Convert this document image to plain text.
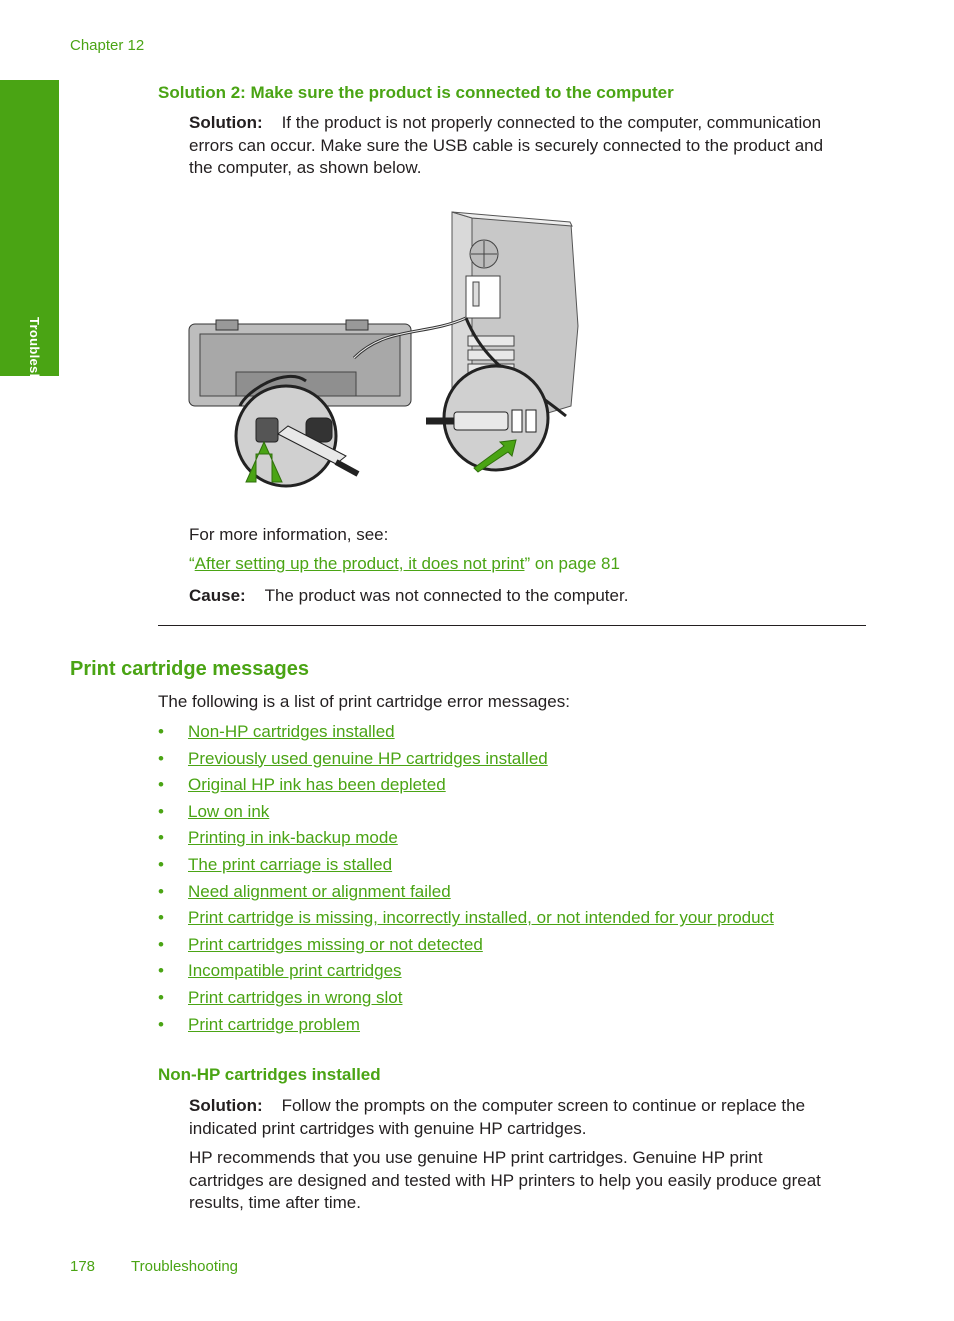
Chapter 12
Troubleshooting
Solution 2: Make sure the product is connected to the computer
Solution: If the product is not properly connected to the computer, communication
errors can occur. Make sure the USB cable is securely connected to the product and
the computer, as shown below.
For more information, see:
“After setting up the product, it does not print” on page 81
Cause: The product was not connected to the computer.
Print cartridge messages
The following is a list of print cartridge error messages:
• Non-HP cartridges installed
• Previously used genuine HP cartridges installed
• Original HP ink has been depleted
• Low on ink
• Printing in ink-backup mode
• The print carriage is stalled
• Need alignment or alignment failed
• Print cartridge is missing, incorrectly installed, or not intended for your product
• Print cartridges missing or not detected
• Incompatible print cartridges
• Print cartridges in wrong slot
• Print cartridge problem
Non-HP cartridges installed
Solution: Follow the prompts on the computer screen to continue or replace the
indicated print cartridges with genuine HP cartridges.
HP recommends that you use genuine HP print cartridges. Genuine HP print
cartridges are designed and tested with HP printers to help you easily produce great
results, time after time.
178 Troubleshooting
